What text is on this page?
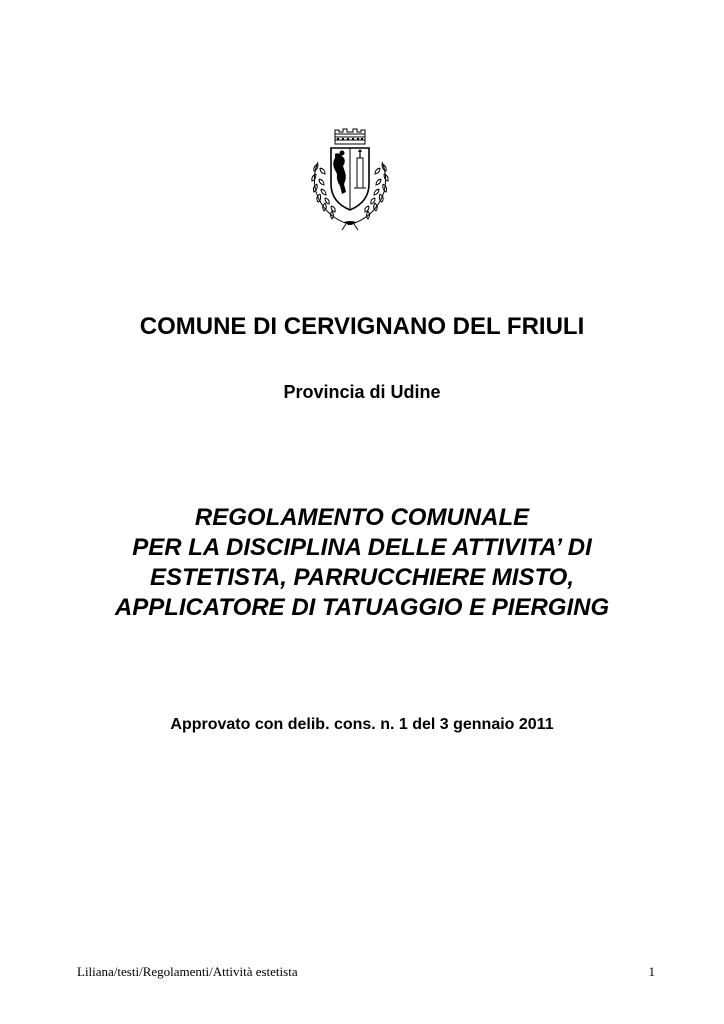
COMUNE DI CERVIGNANO DEL FRIULI
Provincia di Udine
REGOLAMENTO COMUNALE
PER LA DISCIPLINA DELLE ATTIVITA’ DI
ESTETISTA, PARRUCCHIERE MISTO,
APPLICATORE DI TATUAGGIO E PIERGING
Approvato con delib. cons. n. 1 del 3 gennaio 2011
Liliana/testi/Regolamenti/Attività estetista	1
